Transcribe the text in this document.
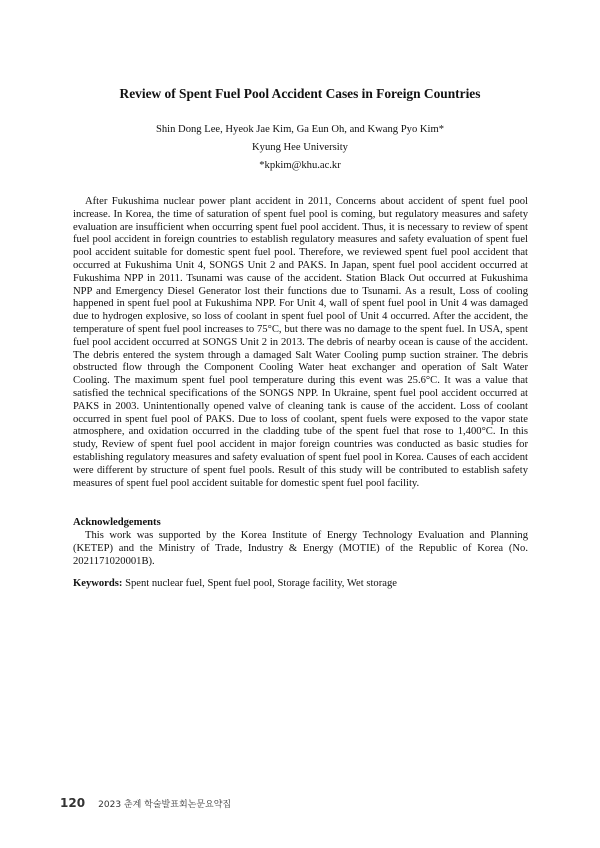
Review of Spent Fuel Pool Accident Cases in Foreign Countries
Shin Dong Lee, Hyeok Jae Kim, Ga Eun Oh, and Kwang Pyo Kim*
Kyung Hee University
*kpkim@khu.ac.kr

After Fukushima nuclear power plant accident in 2011, Concerns about accident of spent fuel pool increase. In Korea, the time of saturation of spent fuel pool is coming, but regulatory measures and safety evaluation are insufficient when occurring spent fuel pool accident. Thus, it is necessary to review of spent fuel pool accident in foreign countries to establish regulatory measures and safety evaluation of spent fuel pool accident suitable for domestic spent fuel pool. Therefore, we reviewed spent fuel pool accident that occurred at Fukushima Unit 4, SONGS Unit 2 and PAKS. In Japan, spent fuel pool accident occurred at Fukushima NPP in 2011. Tsunami was cause of the accident. Station Black Out occurred at Fukushima NPP and Emergency Diesel Generator lost their functions due to Tsunami. As a result, Loss of cooling happened in spent fuel pool at Fukushima NPP. For Unit 4, wall of spent fuel pool in Unit 4 was damaged due to hydrogen explosive, so loss of coolant in spent fuel pool of Unit 4 occurred. After the accident, the temperature of spent fuel pool increases to 75°C, but there was no damage to the spent fuel. In USA, spent fuel pool accident occurred at SONGS Unit 2 in 2013. The debris of nearby ocean is cause of the accident. The debris entered the system through a damaged Salt Water Cooling pump suction strainer. The debris obstructed flow through the Component Cooling Water heat exchanger and operation of Salt Water Cooling. The maximum spent fuel pool temperature during this event was 25.6°C. It was a value that satisfied the technical specifications of the SONGS NPP. In Ukraine, spent fuel pool accident occurred at PAKS in 2003. Unintentionally opened valve of cleaning tank is cause of the accident. Loss of coolant occurred in spent fuel pool of PAKS. Due to loss of coolant, spent fuels were exposed to the vapor state atmosphere, and oxidation occurred in the cladding tube of the spent fuel that rose to 1,400°C. In this study, Review of spent fuel pool accident in major foreign countries was conducted as basic studies for establishing regulatory measures and safety evaluation of spent fuel pool in Korea. Causes of each accident were different by structure of spent fuel pools. Result of this study will be contributed to establish safety measures of spent fuel pool accident suitable for domestic spent fuel pool facility.

Acknowledgements

This work was supported by the Korea Institute of Energy Technology Evaluation and Planning (KETEP) and the Ministry of Trade, Industry & Energy (MOTIE) of the Republic of Korea (No. 2021171020001B).

Keywords: Spent nuclear fuel, Spent fuel pool, Storage facility, Wet storage
120 2023 춘계 학술발표회논문요약집
